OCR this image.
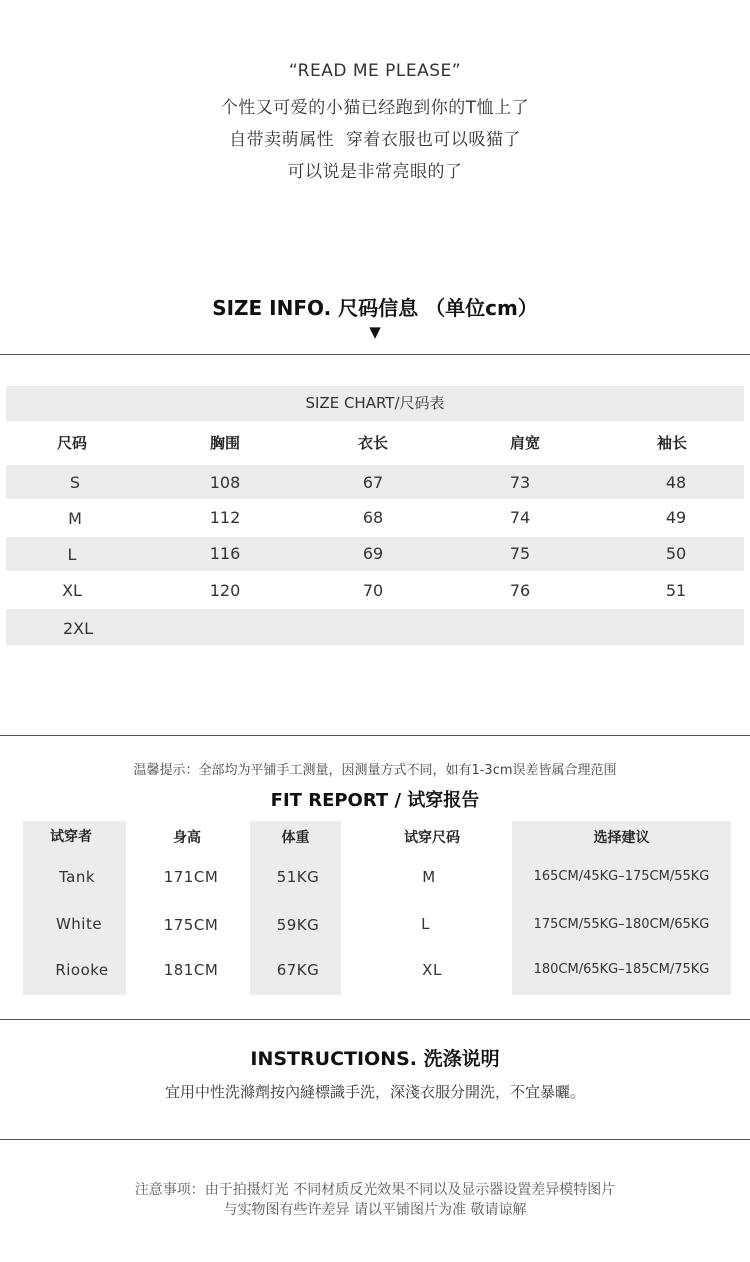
“READ ME PLEASE”
个性又可爱的小猫已经跑到你的T恤上了
自带卖萌属性  穿着衣服也可以吸猫了
可以说是非常亮眼的了
SIZE INFO. 尺码信息 （单位cm）
▼
SIZE CHART/尺码表
尺码	胸围	衣长	肩宽	袖长
S	108	67	73	48
M	112	68	74	49
L	116	69	75	50
XL	120	70	76	51
2XL
温馨提示：全部均为平铺手工测量，因测量方式不同，如有1-3cm误差皆属合理范围
FIT REPORT / 试穿报告
试穿者	身高	体重	试穿尺码	选择建议
Tank	171CM	51KG	M	165CM/45KG–175CM/55KG
White	175CM	59KG	L	175CM/55KG–180CM/65KG
Riooke	181CM	67KG	XL	180CM/65KG–185CM/75KG
INSTRUCTIONS. 洗涤说明
宜用中性洗滌劑按內縫標識手洗，深淺衣服分開洗，不宜暴曬。
注意事项：由于拍摄灯光 不同材质反光效果不同以及显示器设置差异模特图片
与实物图有些许差异 请以平铺图片为准 敬请谅解
